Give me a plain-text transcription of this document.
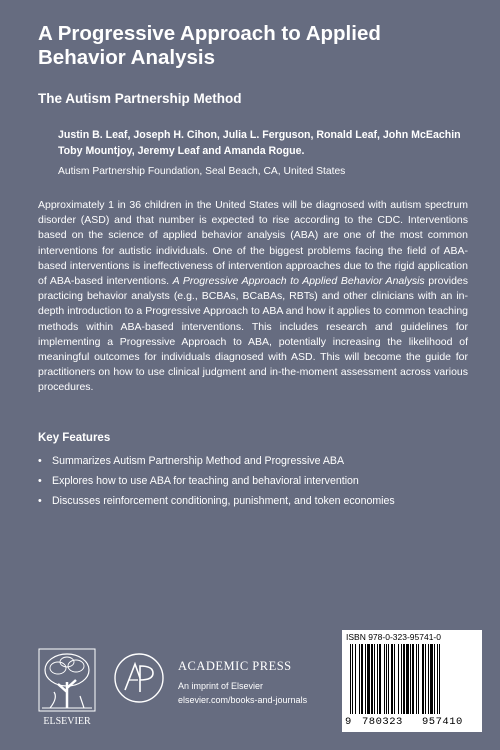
A Progressive Approach to Applied Behavior Analysis
The Autism Partnership Method
Justin B. Leaf, Joseph H. Cihon, Julia L. Ferguson, Ronald Leaf, John McEachin Toby Mountjoy, Jeremy Leaf and Amanda Rogue.
Autism Partnership Foundation, Seal Beach, CA, United States

Approximately 1 in 36 children in the United States will be diagnosed with autism spectrum disorder (ASD) and that number is expected to rise according to the CDC. Interventions based on the science of applied behavior analysis (ABA) are one of the most common interventions for autistic individuals. One of the biggest problems facing the field of ABA-based interventions is ineffectiveness of intervention approaches due to the rigid application of ABA-based interventions. A Progressive Approach to Applied Behavior Analysis provides practicing behavior analysts (e.g., BCBAs, BCaBAs, RBTs) and other clinicians with an in-depth introduction to a Progressive Approach to ABA and how it applies to common teaching methods within ABA-based interventions. This includes research and guidelines for implementing a Progressive Approach to ABA, potentially increasing the likelihood of meaningful outcomes for individuals diagnosed with ASD. This will become the guide for practitioners on how to use clinical judgment and in-the-moment assessment across various procedures.

Key Features
• Summarizes Autism Partnership Method and Progressive ABA
• Explores how to use ABA for teaching and behavioral intervention
• Discusses reinforcement conditioning, punishment, and token economies
ELSEVIER
ACADEMIC PRESS
An imprint of Elsevier
elsevier.com/books-and-journals
ISBN 978-0-323-95741-0
9 780323 957410
